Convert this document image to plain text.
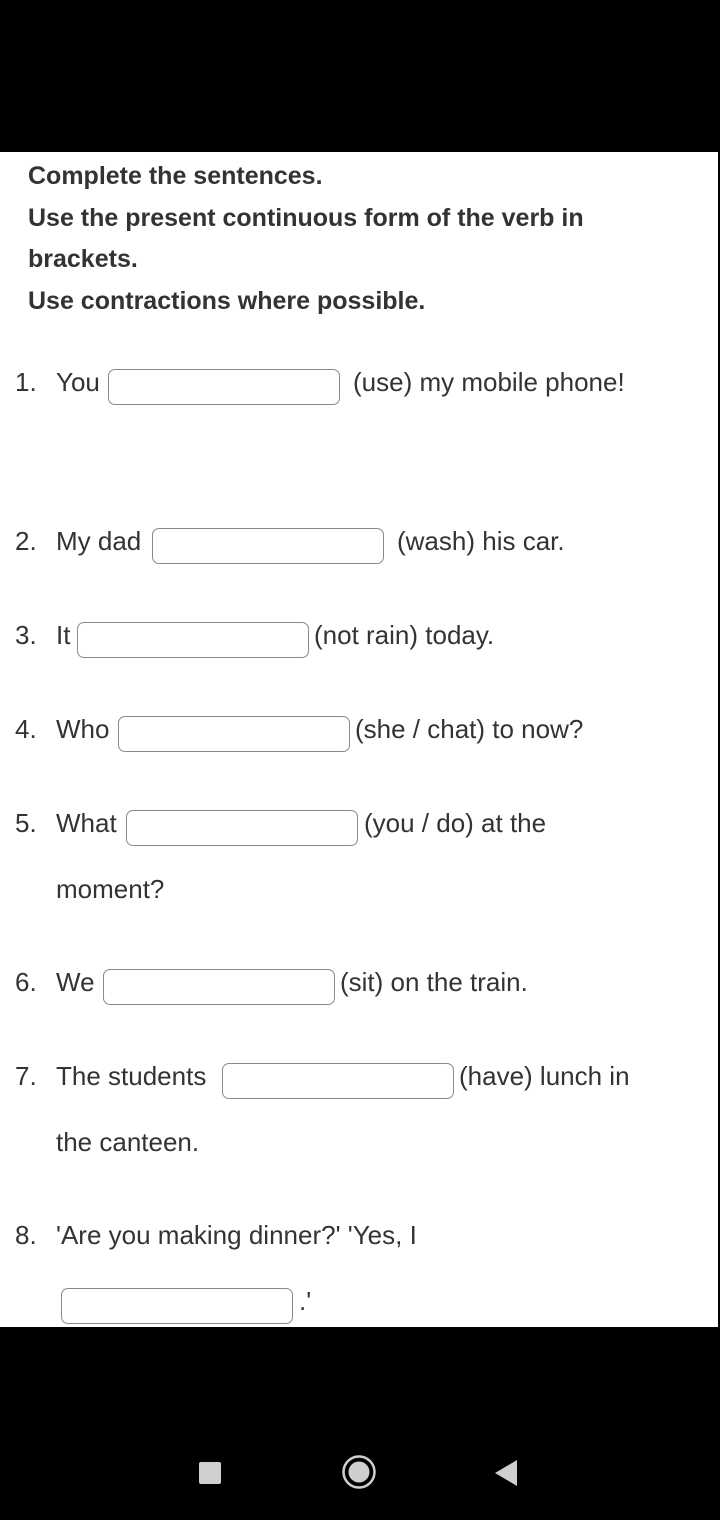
Complete the sentences.
Use the present continuous form of the verb in
brackets.
Use contractions where possible.
1. You	(use) my mobile phone!
2. My dad	(wash) his car.
3. It	(not rain) today.
4. Who	(she / chat) to now?
5. What	(you / do) at the
moment?
6. We	(sit) on the train.
7. The students	(have) lunch in
the canteen.
8. 'Are you making dinner?' 'Yes, I
.'
